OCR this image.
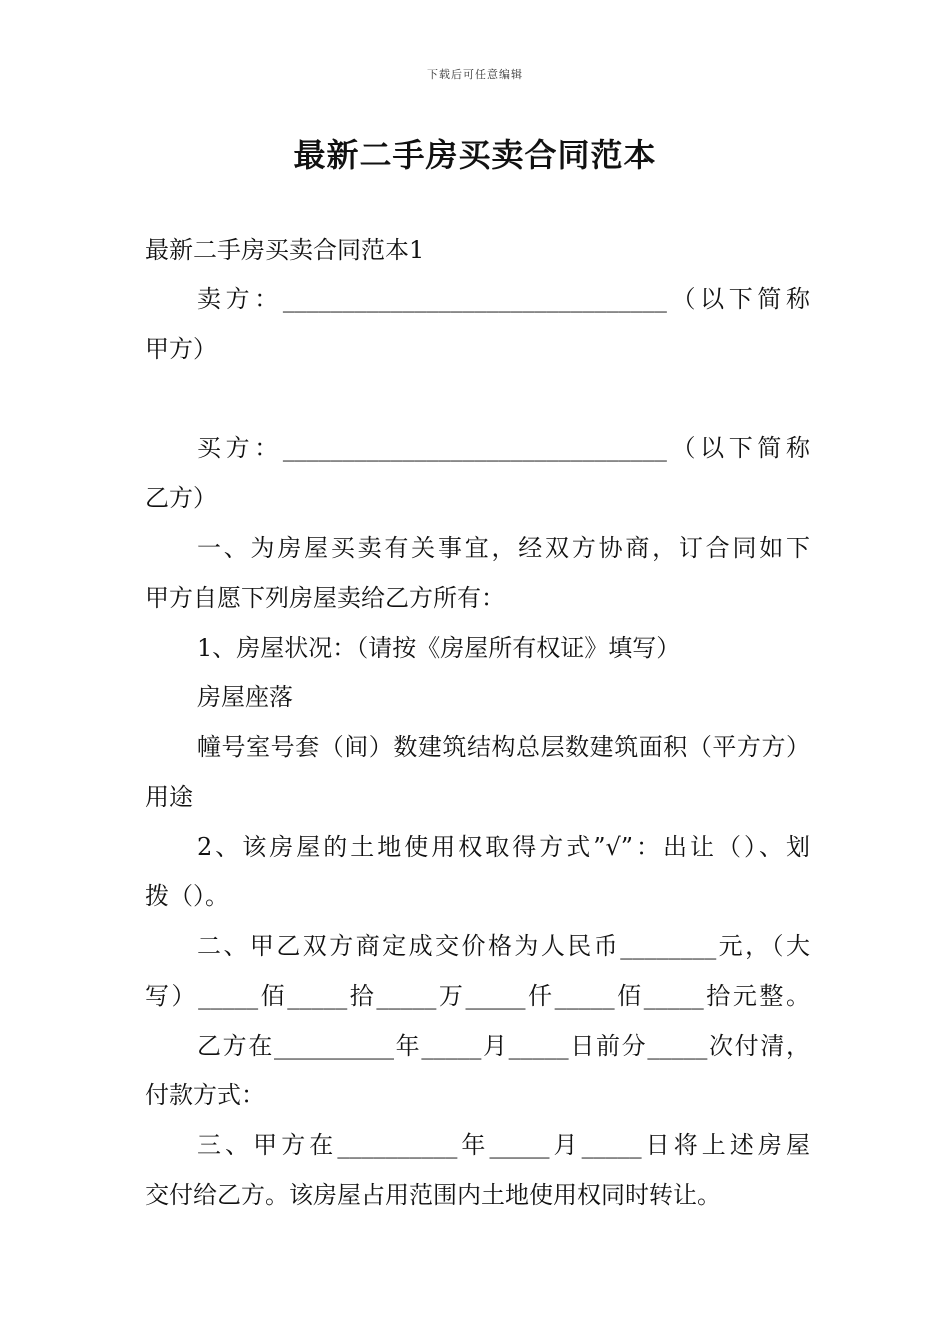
下载后可任意编辑
最新二手房买卖合同范本
最新二手房买卖合同范本1
卖方：________________________________（以下简称
甲方）
买方：________________________________（以下简称
乙方）
一、为房屋买卖有关事宜，经双方协商，订合同如下
甲方自愿下列房屋卖给乙方所有：
1、房屋状况：（请按《房屋所有权证》填写）
房屋座落
幢号室号套（间）数建筑结构总层数建筑面积（平方方）
用途
2、该房屋的土地使用权取得方式”√”：出让（）、划
拨（）。
二、甲乙双方商定成交价格为人民币________元，（大
写）_____佰_____拾_____万_____仟_____佰_____拾元整。
乙方在__________年_____月_____日前分_____次付清，
付款方式：
三、甲方在__________年_____月_____日将上述房屋
交付给乙方。该房屋占用范围内土地使用权同时转让。
